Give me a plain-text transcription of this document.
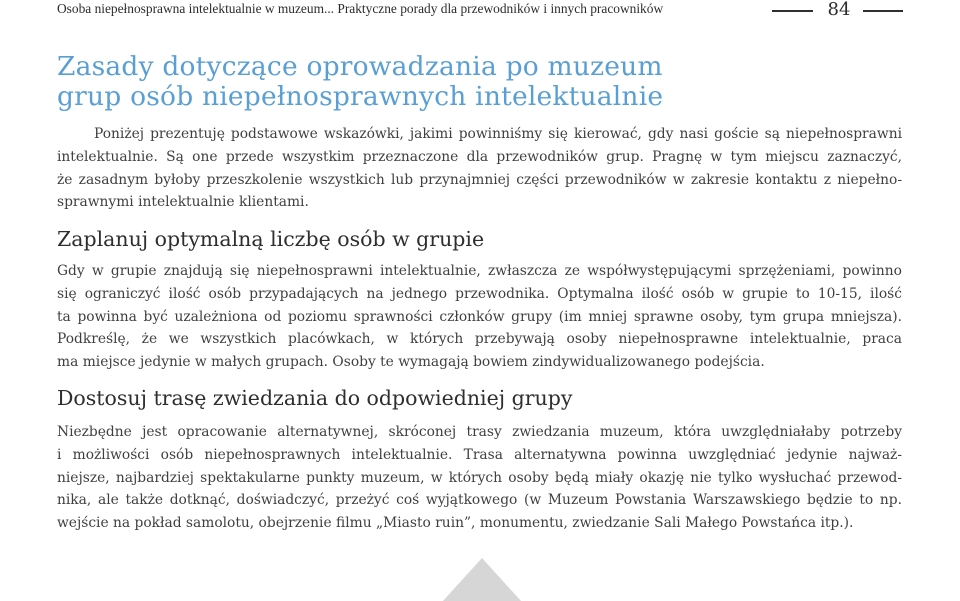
Osoba niepełnosprawna intelektualnie w muzeum... Praktyczne porady dla przewodników i innych pracowników	84
Zasady dotyczące oprowadzania po muzeum
grup osób niepełnosprawnych intelektualnie
Poniżej prezentuję podstawowe wskazówki, jakimi powinniśmy się kierować, gdy nasi goście są niepełnosprawni
intelektualnie. Są one przede wszystkim przeznaczone dla przewodników grup. Pragnę w tym miejscu zaznaczyć,
że zasadnym byłoby przeszkolenie wszystkich lub przynajmniej części przewodników w zakresie kontaktu z niepełno-
sprawnymi intelektualnie klientami.
Zaplanuj optymalną liczbę osób w grupie
Gdy w grupie znajdują się niepełnosprawni intelektualnie, zwłaszcza ze współwystępującymi sprzężeniami, powinno
się ograniczyć ilość osób przypadających na jednego przewodnika. Optymalna ilość osób w grupie to 10-15, ilość
ta powinna być uzależniona od poziomu sprawności członków grupy (im mniej sprawne osoby, tym grupa mniejsza).
Podkreślę, że we wszystkich placówkach, w których przebywają osoby niepełnosprawne intelektualnie, praca
ma miejsce jedynie w małych grupach. Osoby te wymagają bowiem zindywidualizowanego podejścia.
Dostosuj trasę zwiedzania do odpowiedniej grupy
Niezbędne jest opracowanie alternatywnej, skróconej trasy zwiedzania muzeum, która uwzględniałaby potrzeby
i możliwości osób niepełnosprawnych intelektualnie. Trasa alternatywna powinna uwzględniać jedynie najważ-
niejsze, najbardziej spektakularne punkty muzeum, w których osoby będą miały okazję nie tylko wysłuchać przewod-
nika, ale także dotknąć, doświadczyć, przeżyć coś wyjątkowego (w Muzeum Powstania Warszawskiego będzie to np.
wejście na pokład samolotu, obejrzenie filmu „Miasto ruin”, monumentu, zwiedzanie Sali Małego Powstańca itp.).
